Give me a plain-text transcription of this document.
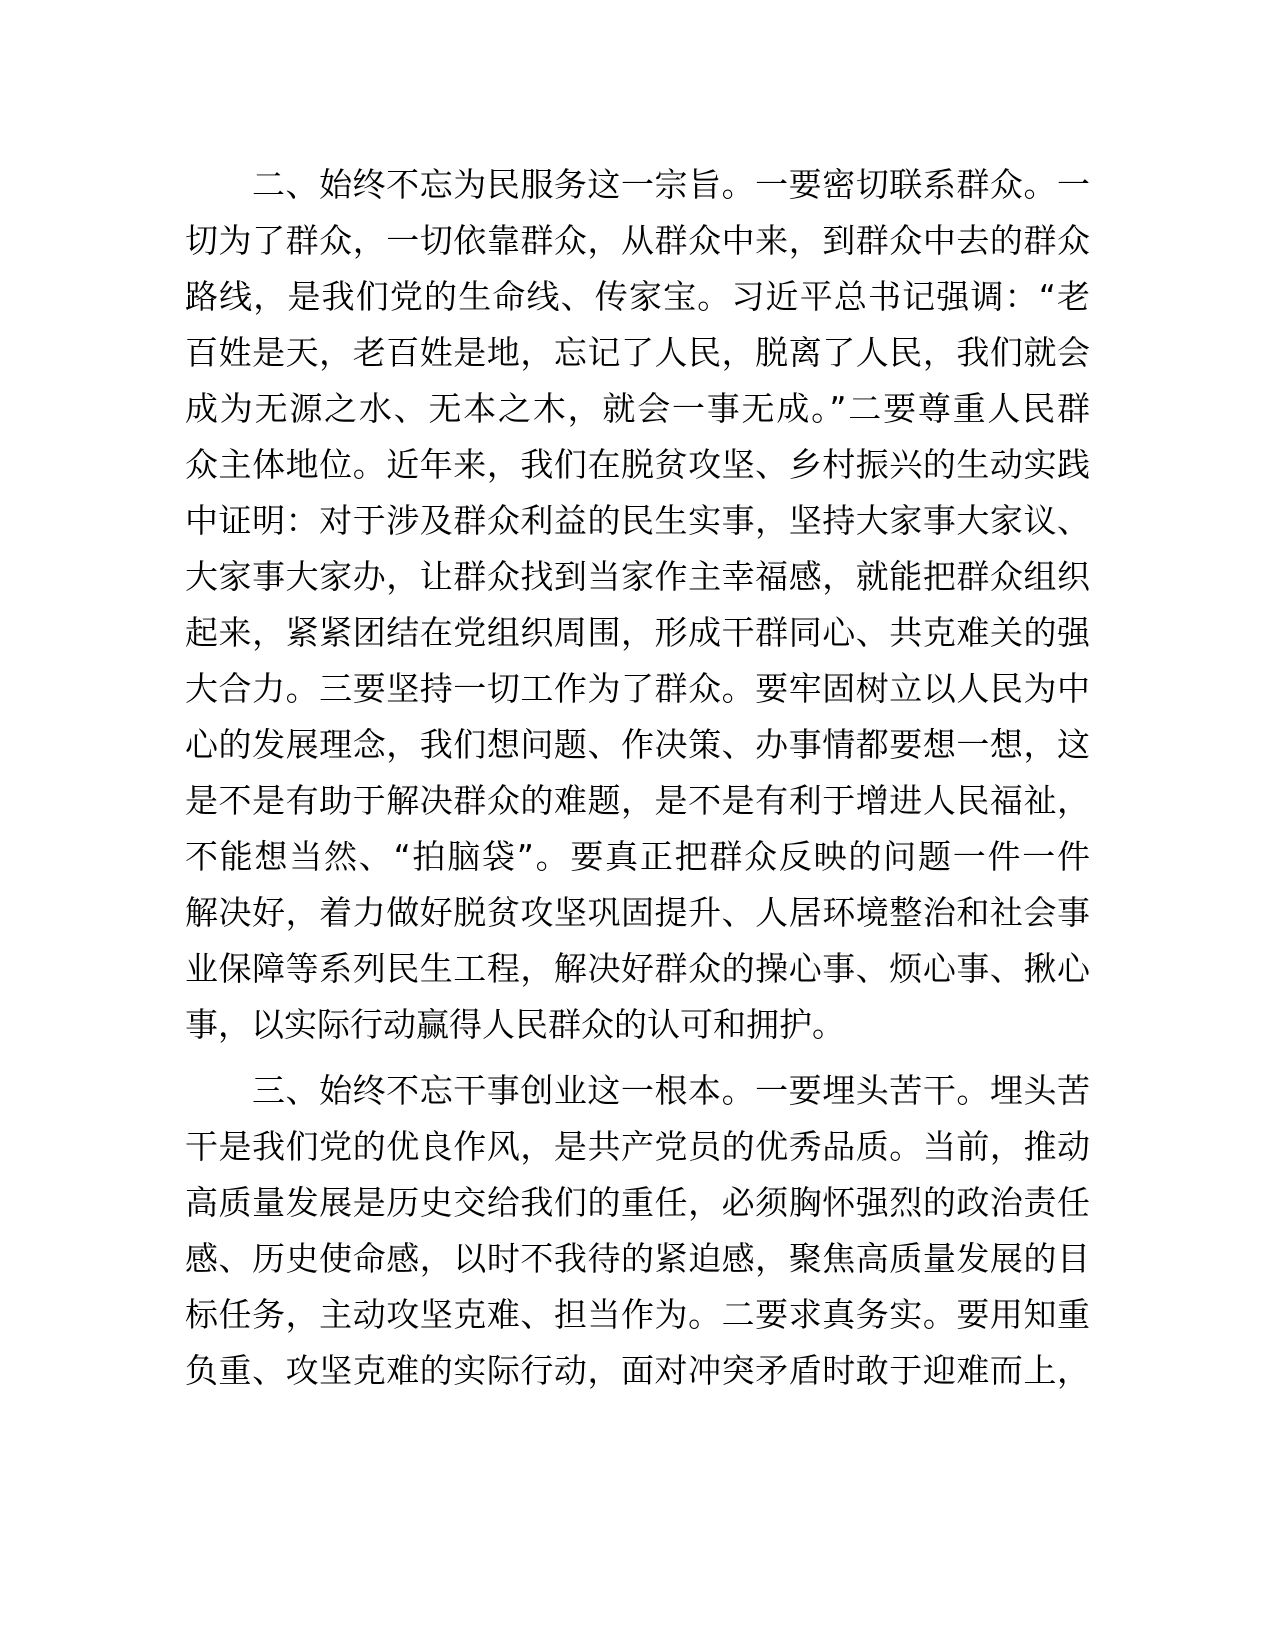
二、始终不忘为民服务这一宗旨。一要密切联系群众。一
切为了群众，一切依靠群众，从群众中来，到群众中去的群众
路线，是我们党的生命线、传家宝。习近平总书记强调：“老
百姓是天，老百姓是地，忘记了人民，脱离了人民，我们就会
成为无源之水、无本之木，就会一事无成。”二要尊重人民群
众主体地位。近年来，我们在脱贫攻坚、乡村振兴的生动实践
中证明：对于涉及群众利益的民生实事，坚持大家事大家议、
大家事大家办，让群众找到当家作主幸福感，就能把群众组织
起来，紧紧团结在党组织周围，形成干群同心、共克难关的强
大合力。三要坚持一切工作为了群众。要牢固树立以人民为中
心的发展理念，我们想问题、作决策、办事情都要想一想，这
是不是有助于解决群众的难题，是不是有利于增进人民福祉，
不能想当然、“拍脑袋”。要真正把群众反映的问题一件一件
解决好，着力做好脱贫攻坚巩固提升、人居环境整治和社会事
业保障等系列民生工程，解决好群众的操心事、烦心事、揪心
事，以实际行动赢得人民群众的认可和拥护。
三、始终不忘干事创业这一根本。一要埋头苦干。埋头苦
干是我们党的优良作风，是共产党员的优秀品质。当前，推动
高质量发展是历史交给我们的重任，必须胸怀强烈的政治责任
感、历史使命感，以时不我待的紧迫感，聚焦高质量发展的目
标任务，主动攻坚克难、担当作为。二要求真务实。要用知重
负重、攻坚克难的实际行动，面对冲突矛盾时敢于迎难而上，
